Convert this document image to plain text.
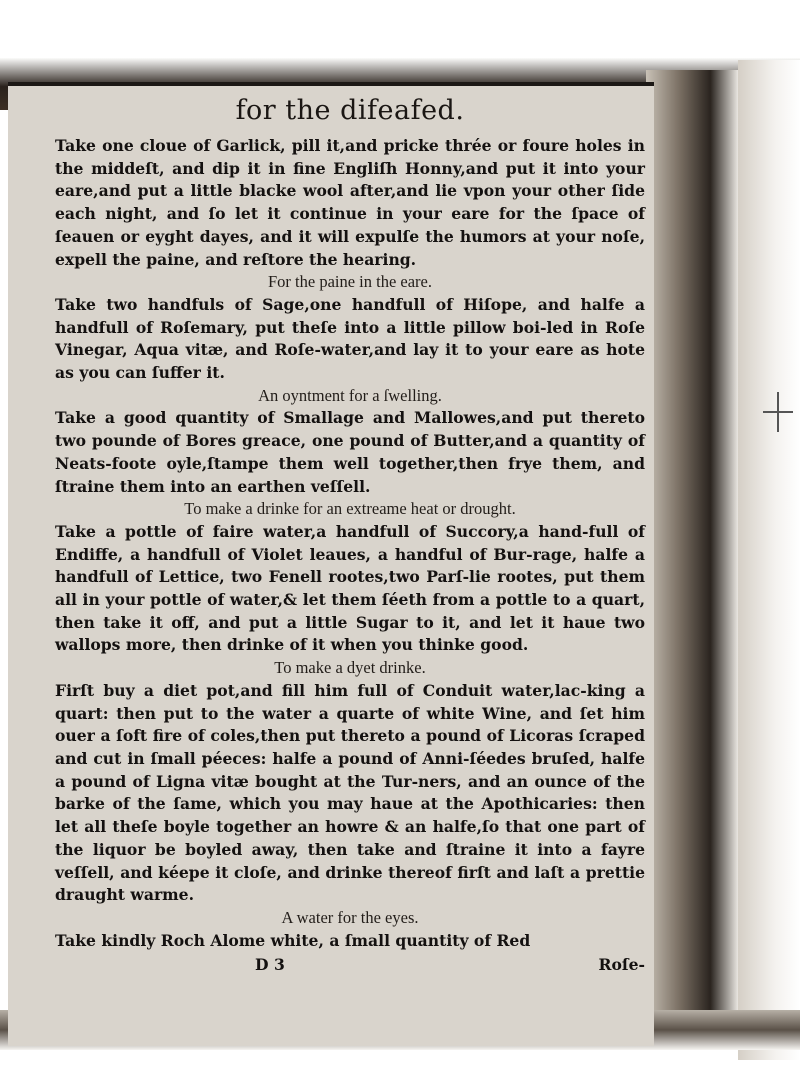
for the difeafed.

Take one cloue of Garlick, pill it,and pricke thrée or foure holes in the middeſt, and dip it in fine Engliſh Honny,and put it into your eare,and put a little blacke wool after,and lie vpon your other ſide each night, and ſo let it continue in your eare for the ſpace of ſeauen or eyght dayes, and it will expulſe the humors at your noſe, expell the paine, and reſtore the hearing.

For the paine in the eare.

Take two handfuls of Sage,one handfull of Hiſope, and halfe a handfull of Roſemary, put theſe into a little pillow boi-led in Roſe Vinegar, Aqua vitæ, and Roſe-water,and lay it to your eare as hote as you can ſuffer it.

An oyntment for a ſwelling.

Take a good quantity of Smallage and Mallowes,and put thereto two pounde of Bores greace, one pound of Butter,and a quantity of Neats-foote oyle,ſtampe them well together,then frye them, and ſtraine them into an earthen veſſell.

To make a drinke for an extreame heat or drought.

Take a pottle of faire water,a handfull of Succory,a hand-full of Endiffe, a handfull of Violet leaues, a handful of Bur-rage, halfe a handfull of Lettice, two Fenell rootes,two Parſ-lie rootes, put them all in your pottle of water,& let them ſéeth from a pottle to a quart, then take it off, and put a little Sugar to it, and let it haue two wallops more, then drinke of it when you thinke good.

To make a dyet drinke.

Firſt buy a diet pot,and fill him full of Conduit water,lac-king a quart: then put to the water a quarte of white Wine, and ſet him ouer a ſoft fire of coles,then put thereto a pound of Licoras ſcraped and cut in ſmall péeces: halfe a pound of Anni-ſéedes bruſed, halfe a pound of Ligna vitæ bought at the Tur-ners, and an ounce of the barke of the ſame, which you may haue at the Apothicaries: then let all theſe boyle together an howre & an halfe,ſo that one part of the liquor be boyled away, then take and ſtraine it into a fayre veſſell, and kéepe it cloſe, and drinke thereof firſt and laſt a prettie draught warme.

A water for the eyes.

Take kindly Roch Alome white, a ſmall quantity of Red

D 3	Roſe-
